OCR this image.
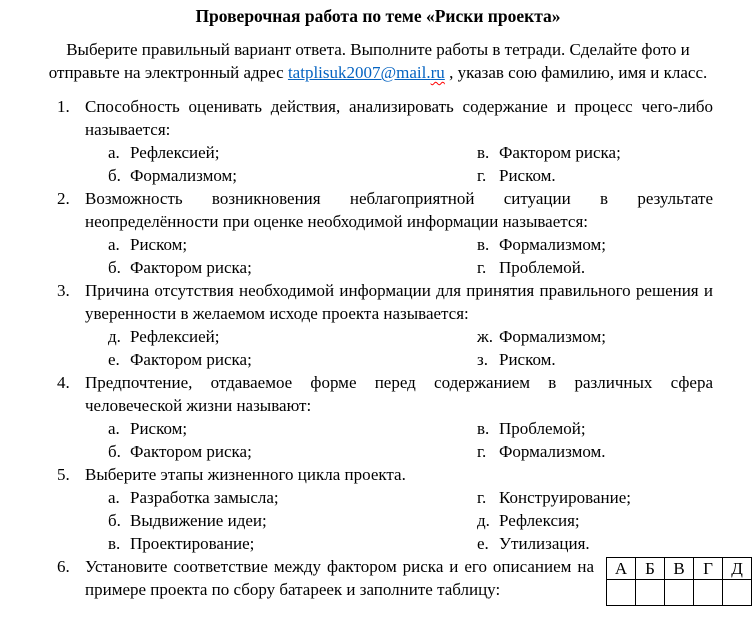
Проверочная работа по теме «Риски проекта»

Выберите правильный вариант ответа. Выполните работы в тетради. Сделайте фото и отправьте на электронный адрес tatplisuk2007@mail.ru , указав сою фамилию, имя и класс.

1. Способность оценивать действия, анализировать содержание и процесс чего-либо называется:
а. Рефлексией;
б. Формализмом;
в. Фактором риска;
г. Риском.
2. Возможность возникновения неблагоприятной ситуации в результате неопределённости при оценке необходимой информации называется:
а. Риском;
б. Фактором риска;
в. Формализмом;
г. Проблемой.
3. Причина отсутствия необходимой информации для принятия правильного решения и уверенности в желаемом исходе проекта называется:
д. Рефлексией;
е. Фактором риска;
ж. Формализмом;
з. Риском.
4. Предпочтение, отдаваемое форме перед содержанием в различных сфера человеческой жизни называют:
а. Риском;
б. Фактором риска;
в. Проблемой;
г. Формализмом.
5. Выберите этапы жизненного цикла проекта.
а. Разработка замысла;
б. Выдвижение идеи;
в. Проектирование;
г. Конструирование;
д. Рефлексия;
е. Утилизация.
6.	А	Б	В	Г	Д

Установите соответствие между фактором риска и его описанием на примере проекта по сбору батареек и заполните таблицу:
